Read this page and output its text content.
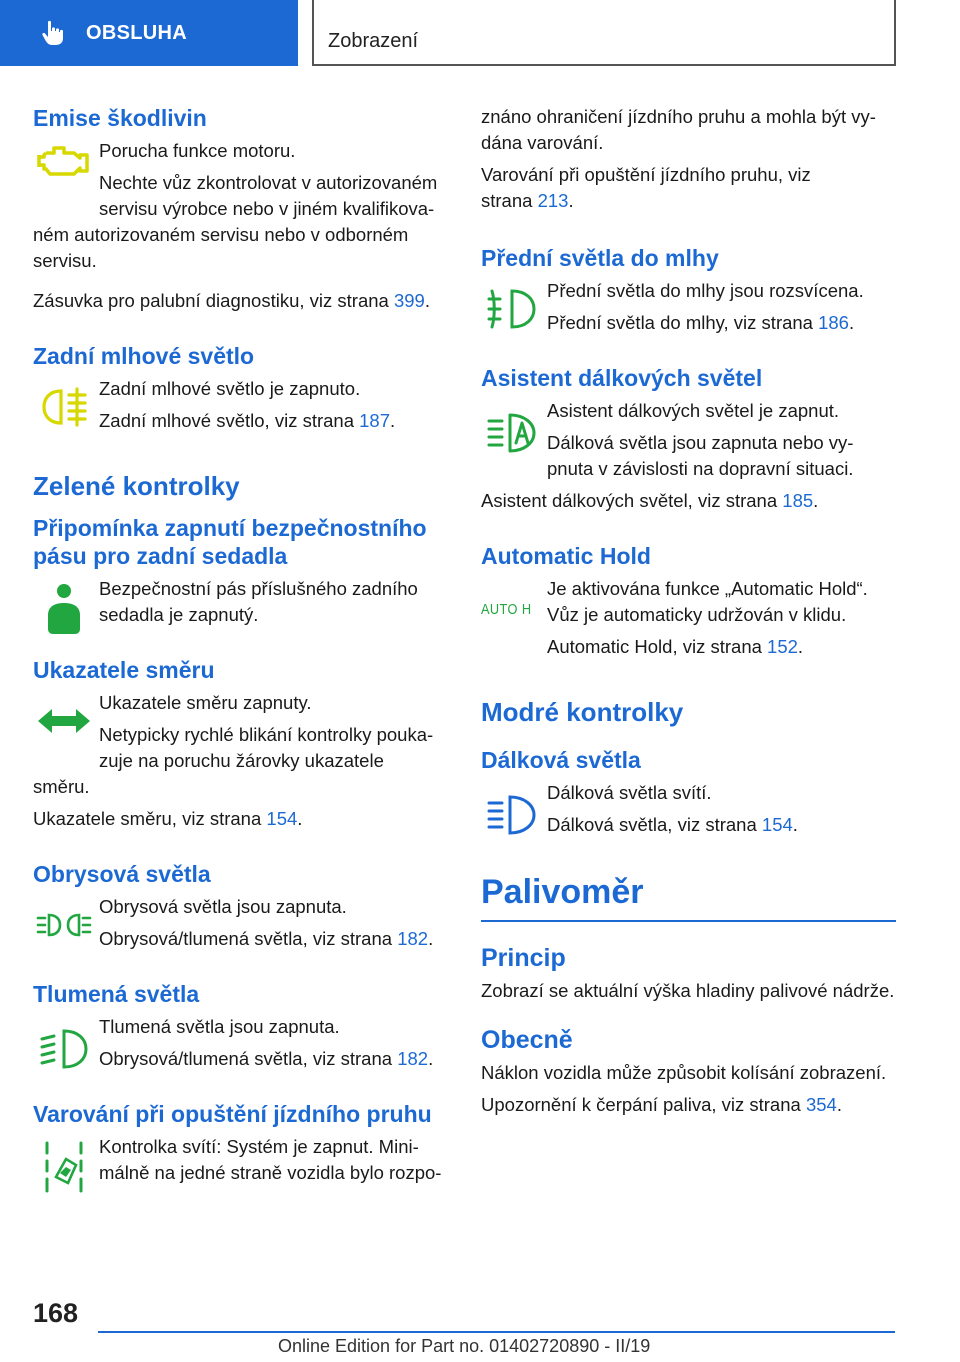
OBSLUHA	Zobrazení
Emise škodlivin

Porucha funkce motoru.

Nechte vůz zkontrolovat v autorizovaném

servisu výrobce nebo v jiném kvalifikova‐

ném autorizovaném servisu nebo v odborném

servisu.

Zásuvka pro palubní diagnostiku, viz strana 399.

Zadní mlhové světlo

Zadní mlhové světlo je zapnuto.

Zadní mlhové světlo, viz strana 187.

Zelené kontrolky
Připomínka zapnutí bezpečnostního
pásu pro zadní sedadla

Bezpečnostní pás příslušného zadního

sedadla je zapnutý.

Ukazatele směru

Ukazatele směru zapnuty.

Netypicky rychlé blikání kontrolky pouka‐

zuje na poruchu žárovky ukazatele

směru.

Ukazatele směru, viz strana 154.

Obrysová světla

Obrysová světla jsou zapnuta.

Obrysová/tlumená světla, viz strana 182.

Tlumená světla

Tlumená světla jsou zapnuta.

Obrysová/tlumená světla, viz strana 182.

Varování při opuštění jízdního pruhu

Kontrolka svítí: Systém je zapnut. Mini‐

málně na jedné straně vozidla bylo rozpo‐

znáno ohraničení jízdního pruhu a mohla být vy‐

dána varování.

Varování při opuštění jízdního pruhu, viz

strana 213.

Přední světla do mlhy

Přední světla do mlhy jsou rozsvícena.

Přední světla do mlhy, viz strana 186.

Asistent dálkových světel

Asistent dálkových světel je zapnut.

Dálková světla jsou zapnuta nebo vy‐

pnuta v závislosti na dopravní situaci.

Asistent dálkových světel, viz strana 185.

Automatic Hold
AUTO H

Je aktivována funkce „Automatic Hold“.

Vůz je automaticky udržován v klidu.

Automatic Hold, viz strana 152.

Modré kontrolky
Dálková světla

Dálková světla svítí.

Dálková světla, viz strana 154.

Palivoměr
Princip

Zobrazí se aktuální výška hladiny palivové nádrže.

Obecně

Náklon vozidla může způsobit kolísání zobrazení.

Upozornění k čerpání paliva, viz strana 354.

168
Online Edition for Part no. 01402720890 - II/19
